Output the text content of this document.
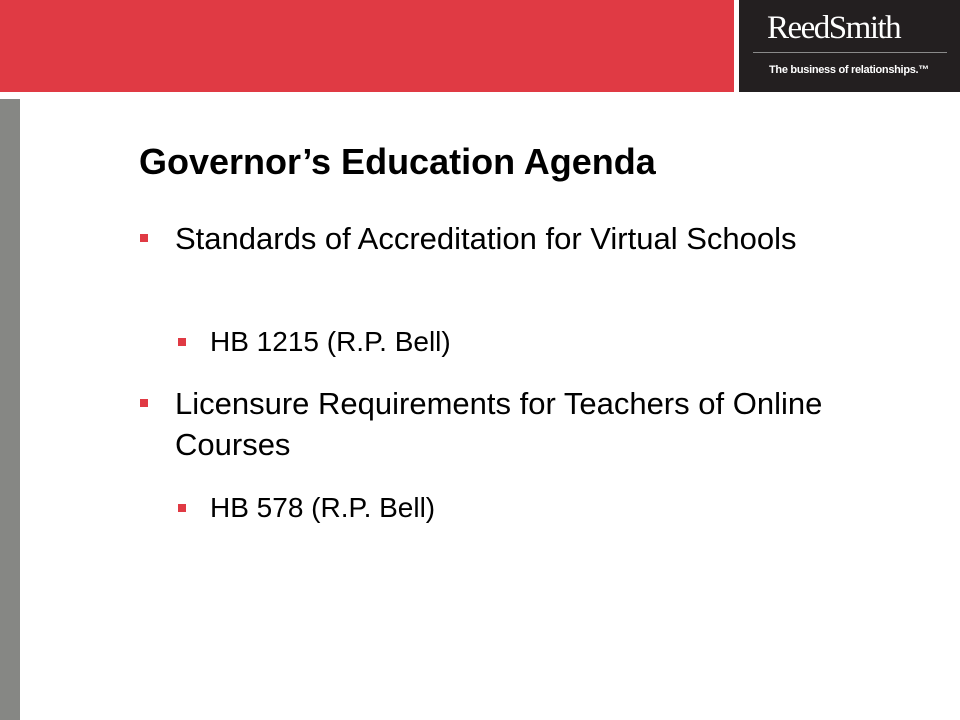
ReedSmith
The business of relationships.™
Governor’s Education Agenda
Standards of Accreditation for Virtual Schools
HB 1215 (R.P. Bell)
Licensure Requirements for Teachers of Online Courses
HB 578 (R.P. Bell)
